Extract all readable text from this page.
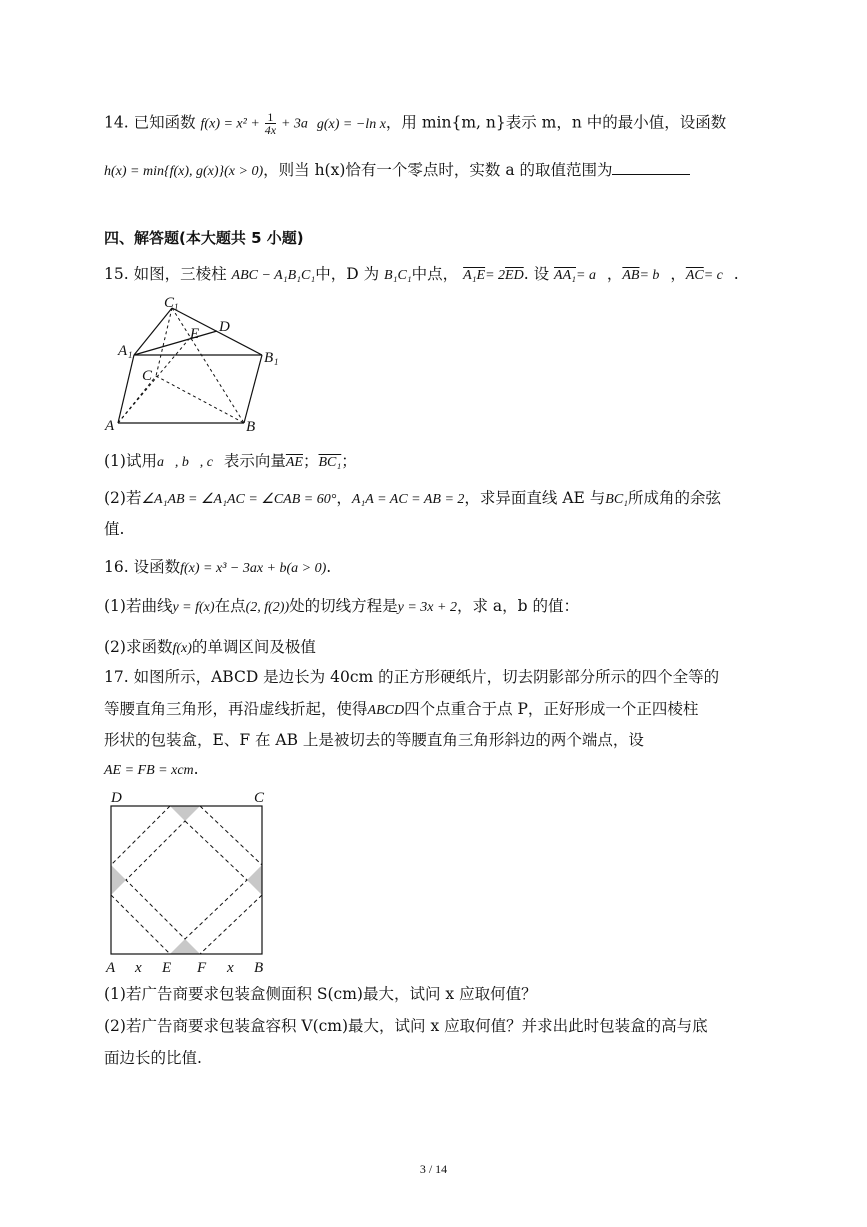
14. 已知函数 $f(x) = x^2 + \frac{1}{4x} + 3a$ g(x) = −ln x，用 min{m, n}表示 m，n 中的最小值，设函数
h(x) = min{f(x), g(x)}(x > 0)，则当 h(x)恰有一个零点时，实数 a 的取值范围为
四、解答题(本大题共 5 小题)
15. 如图，三棱柱 ABC − A₁B₁C₁中，D 为 B₁C₁中点， $A_1E= 2\overline{ED}$. 设 AA₁= a⃗，$\overline{AB}=$ b⃗，$\overline{AC}=$ c⃗.
C 1
D
E
A 1	B 1
C
A	B
(1)试用a⃗, b⃗, c⃗表示向量$\overline{AE}$；BC₁；
(2)若∠A₁AB = ∠A₁AC = ∠CAB = 60°，A₁A = AC = AB = 2，求异面直线 AE 与BC₁所成角的余弦
值.
16. 设函数f(x) = x³ − 3ax + b(a > 0).
(1)若曲线y = f(x)在点(2, f(2))处的切线方程是y = 3x + 2，求 a，b 的值：
(2)求函数f(x)的单调区间及极值
17. 如图所示，ABCD 是边长为 40cm 的正方形硬纸片，切去阴影部分所示的四个全等的
等腰直角三角形，再沿虚线折起，使得ABCD四个点重合于点 P，正好形成一个正四棱柱
形状的包装盒，E、F 在 AB 上是被切去的等腰直角三角形斜边的两个端点，设
AE = FB = xcm.
D	C
A x E F x B
(1)若广告商要求包装盒侧面积 S(cm)最大，试问 x 应取何值？
(2)若广告商要求包装盒容积 V(cm)最大，试问 x 应取何值？并求出此时包装盒的高与底
面边长的比值.
3 / 14
